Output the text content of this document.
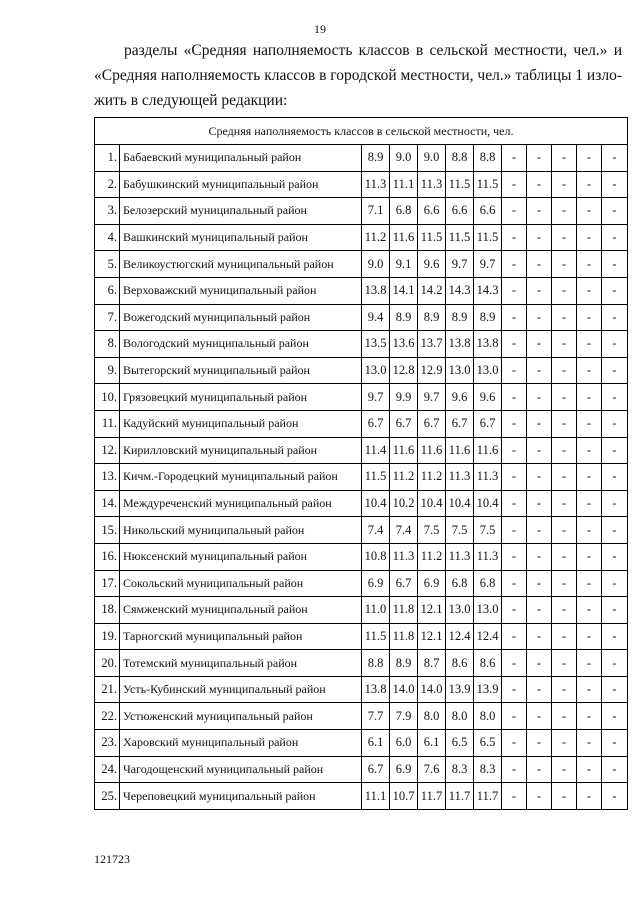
19

разделы «Средняя наполняемость классов в сельской местности, чел.» и

«Средняя наполняемость классов в городской местности, чел.» таблицы 1 изло-

жить в следующей редакции:

Средняя наполняемость классов в сельской местности, чел.											
1.	Бабаевский муниципальный район	8.9	9.0	9.0	8.8	8.8	-	-	-	-	-
2.	Бабушкинский муниципальный район	11.3	11.1	11.3	11.5	11.5	-	-	-	-	-
3.	Белозерский муниципальный район	7.1	6.8	6.6	6.6	6.6	-	-	-	-	-
4.	Вашкинский муниципальный район	11.2	11.6	11.5	11.5	11.5	-	-	-	-	-
5.	Великоустюгский муниципальный район	9.0	9.1	9.6	9.7	9.7	-	-	-	-	-
6.	Верховажский муниципальный район	13.8	14.1	14.2	14.3	14.3	-	-	-	-	-
7.	Вожегодский муниципальный район	9.4	8.9	8.9	8.9	8.9	-	-	-	-	-
8.	Вологодский муниципальный район	13.5	13.6	13.7	13.8	13.8	-	-	-	-	-
9.	Вытегорский муниципальный район	13.0	12.8	12.9	13.0	13.0	-	-	-	-	-
10.	Грязовецкий муниципальный район	9.7	9.9	9.7	9.6	9.6	-	-	-	-	-
11.	Кадуйский муниципальный район	6.7	6.7	6.7	6.7	6.7	-	-	-	-	-
12.	Кирилловский муниципальный район	11.4	11.6	11.6	11.6	11.6	-	-	-	-	-
13.	Кичм.-Городецкий муниципальный район	11.5	11.2	11.2	11.3	11.3	-	-	-	-	-
14.	Междуреченский муниципальный район	10.4	10.2	10.4	10.4	10.4	-	-	-	-	-
15.	Никольский муниципальный район	7.4	7.4	7.5	7.5	7.5	-	-	-	-	-
16.	Нюксенский муниципальный район	10.8	11.3	11.2	11.3	11.3	-	-	-	-	-
17.	Сокольский муниципальный район	6.9	6.7	6.9	6.8	6.8	-	-	-	-	-
18.	Сямженский муниципальный район	11.0	11.8	12.1	13.0	13.0	-	-	-	-	-
19.	Тарногский муниципальный район	11.5	11.8	12.1	12.4	12.4	-	-	-	-	-
20.	Тотемский муниципальный район	8.8	8.9	8.7	8.6	8.6	-	-	-	-	-
21.	Усть-Кубинский муниципальный район	13.8	14.0	14.0	13.9	13.9	-	-	-	-	-
22.	Устюженский муниципальный район	7.7	7.9	8.0	8.0	8.0	-	-	-	-	-
23.	Харовский муниципальный район	6.1	6.0	6.1	6.5	6.5	-	-	-	-	-
24.	Чагодощенский муниципальный район	6.7	6.9	7.6	8.3	8.3	-	-	-	-	-
25.	Череповецкий муниципальный район	11.1	10.7	11.7	11.7	11.7	-	-	-	-	-
121723
